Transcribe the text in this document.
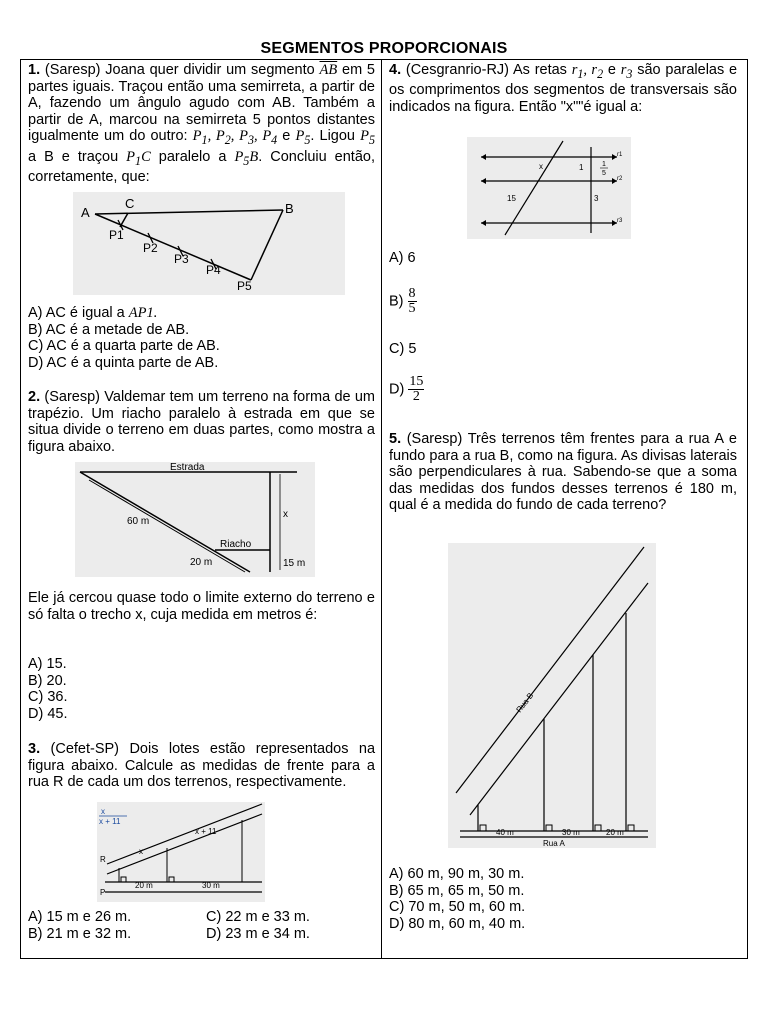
SEGMENTOS PROPORCIONAIS

1. (Saresp) Joana quer dividir um segmento $\overline{AB}$ em 5 partes iguais. Traçou então uma semirreta, a partir de A, fazendo um ângulo agudo com AB. Também a partir de A, marcou na semirreta 5 pontos distantes igualmente um do outro: $P_1$, $P_2$, $P_3$, $P_4$ e $P_5$. Ligou $P_5$ a B e traçou $P_1C$ paralelo a $P_5B$. Concluiu então, corretamente, que:

A	B
C
P1
P2
P3
P4
P5

A) AC é igual a AP1.

B) AC é a metade de AB.

C) AC é a quarta parte de AB.

D) AC é a quinta parte de AB.

2. (Saresp) Valdemar tem um terreno na forma de um trapézio. Um riacho paralelo à estrada em que se situa divide o terreno em duas partes, como mostra a figura abaixo.

Estrada
60 m
Riacho
20 m	15 m
x

Ele já cercou quase todo o limite externo do terreno e só falta o trecho x, cuja medida em metros é:

A) 15.

B) 20.

C) 36.

D) 45.

3. (Cefet-SP) Dois lotes estão representados na figura abaixo. Calcule as medidas de frente para a rua R de cada um dos terrenos, respectivamente.

x
x + 11
x
x + 11
R
P
20 m	30 m
A) 15 m e 26 m.	C) 22 m e 33 m.
B) 21 m e 32 m.	D) 23 m e 34 m.

4. (Cesgranrio-RJ) As retas $r_1$, $r_2$ e $r_3$ são paralelas e os comprimentos dos segmentos de transversais são indicados na figura. Então "x""é igual a:

x	1	1
5
15	3
r1
r2
r3
A) 6
$B) \frac{8}{5}$
C) 5
$D) \frac{15}{2}$

5. (Saresp) Três terrenos têm frentes para a rua A e fundo para a rua B, como na figura. As divisas laterais são perpendiculares à rua. Sabendo-se que a soma das medidas dos fundos desses terrenos é 180 m, qual é a medida do fundo de cada terreno?

Rua B
Rua A
40 m	30 m	20 m

A) 60 m, 90 m, 30 m.

B) 65 m, 65 m, 50 m.

C) 70 m, 50 m, 60 m.

D) 80 m, 60 m, 40 m.
